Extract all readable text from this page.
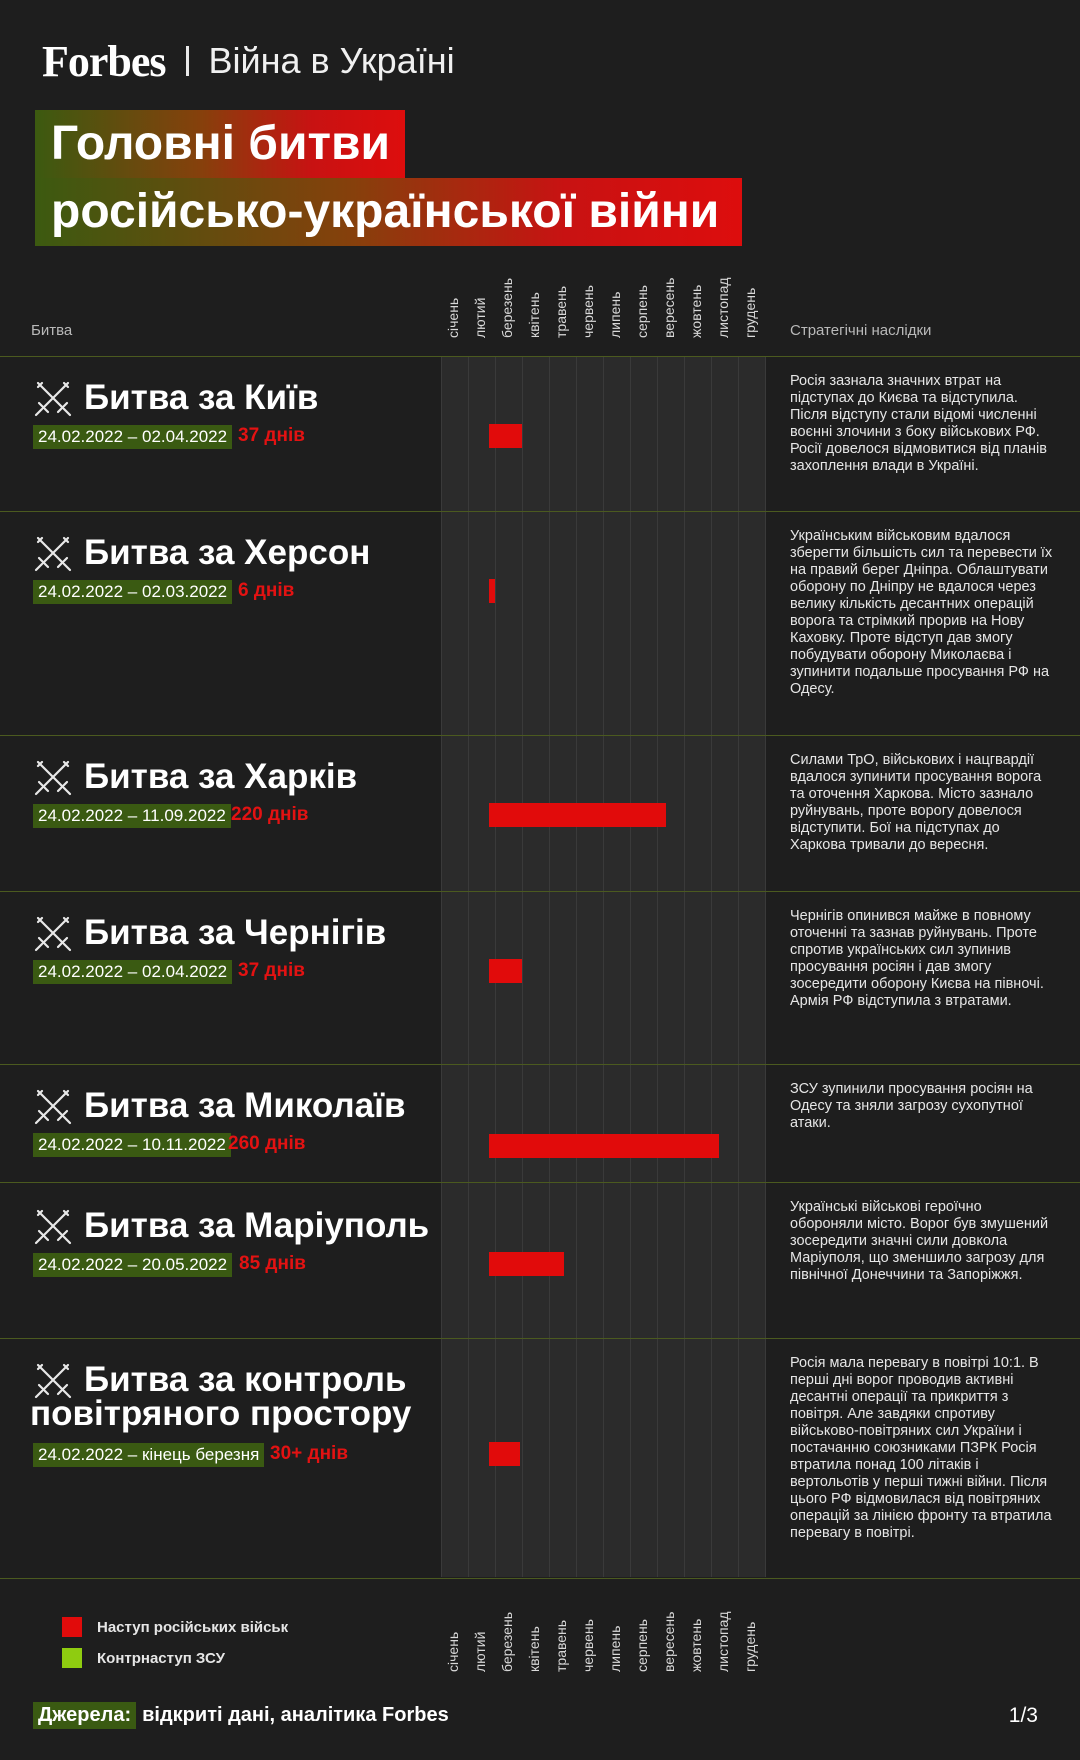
Forbes Війна в Україні
Головні битви
російсько-української війни
Битва	Стратегічні наслідки
січень лютий березень квітень травень червень липень серпень вересень жовтень листопад грудень
січень лютий березень квітень травень червень липень серпень вересень жовтень листопад грудень
Битва за Київ
24.02.2022 – 02.04.2022 37 днів
Росія зазнала значних втрат на підступах до Києва та відступила. Після відступу стали відомі численні воєнні злочини з боку військових РФ. Росії довелося відмовитися від планів захоплення влади в Україні.
Битва за Херсон
24.02.2022 – 02.03.2022 6 днів
Українським військовим вдалося зберегти більшість сил та перевести їх на правий берег Дніпра. Облаштувати оборону по Дніпру не вдалося через велику кількість десантних операцій ворога та стрімкий прорив на Нову Каховку. Проте відступ дав змогу побудувати оборону Миколаєва і зупинити подальше просування РФ на Одесу.
Битва за Харків
24.02.2022 – 11.09.2022 220 днів
Силами ТрО, військових і нацгвардії вдалося зупинити просування ворога та оточення Харкова. Місто зазнало руйнувань, проте ворогу довелося відступити. Бої на підступах до Харкова тривали до вересня.
Битва за Чернігів
24.02.2022 – 02.04.2022 37 днів
Чернігів опинився майже в повному оточенні та зазнав руйнувань. Проте спротив українських сил зупинив просування росіян і дав змогу зосередити оборону Києва на півночі. Армія РФ відступила з втратами.
Битва за Миколаїв
24.02.2022 – 10.11.2022 260 днів
ЗСУ зупинили просування росіян на Одесу та зняли загрозу сухопутної атаки.
Битва за Маріуполь
24.02.2022 – 20.05.2022 85 днів
Українські військові героїчно обороняли місто. Ворог був змушений зосередити значні сили довкола Маріуполя, що зменшило загрозу для північної Донеччини та Запоріжжя.
Битва за контроль
повітряного простору
24.02.2022 – кінець березня 30+ днів
Росія мала перевагу в повітрі 10:1. В перші дні ворог проводив активні десантні операції та прикриття з повітря. Але завдяки спротиву військово-повітряних сил України і постачанню союзниками ПЗРК Росія втратила понад 100 літаків і вертольотів у перші тижні війни. Після цього РФ відмовилася від повітряних операцій за лінією фронту та втратила перевагу в повітрі.
Наступ російських військ
Контрнаступ ЗСУ
Джерела: відкриті дані, аналітика Forbes	1/3
